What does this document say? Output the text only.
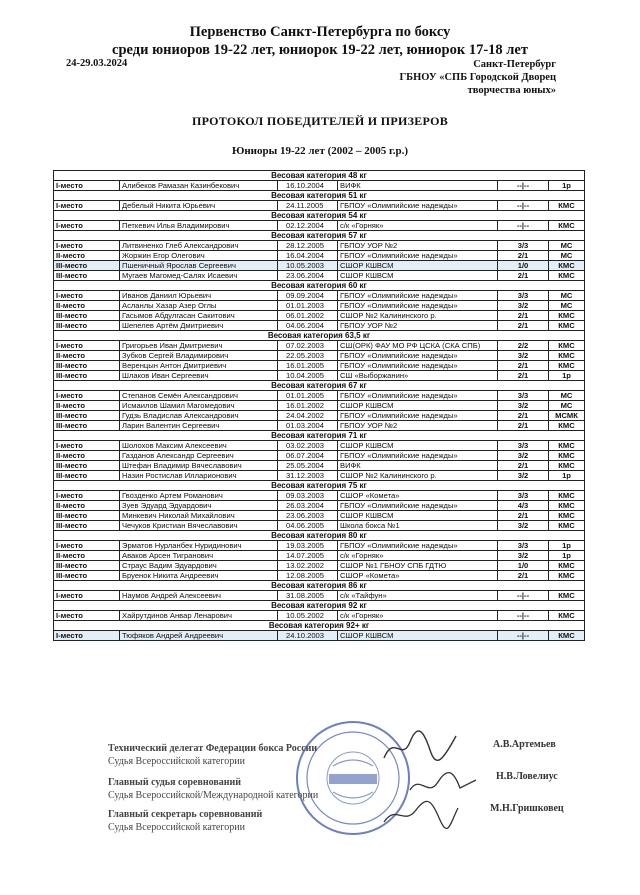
Первенство Санкт-Петербурга по боксу
среди юниоров 19-22 лет, юниорок 19-22 лет, юниорок 17-18 лет
24-29.03.2024	Санкт-Петербург
ГБНОУ «СПБ Городской Дворец
творчества юных»
ПРОТОКОЛ ПОБЕДИТЕЛЕЙ И ПРИЗЕРОВ
Юниоры 19-22 лет (2002 – 2005 г.р.)
Весовая категория 48 кг					
I-место	Алибеков Рамазан Казинбекович	16.10.2004	ВИФК	--|--	1р
Весовая категория 51 кг					
I-место	Дебелый Никита Юрьевич	24.11.2005	ГБПОУ «Олимпийские надежды»	--|--	КМС
Весовая категория 54 кг					
I-место	Петкевич Илья Владимирович	02.12.2004	с/к «Горняк»	--|--	КМС
Весовая категория 57 кг					
I-место	Литвиненко Глеб Александрович	28.12.2005	ГБПОУ УОР №2	3/3	МС
II-место	Жоржин Егор Олегович	16.04.2004	ГБПОУ «Олимпийские надежды»	2/1	МС
III-место	Пшеничный Ярослав Сергеевич	10.05.2003	СШОР КШВСМ	1/0	КМС
III-место	Мугаев Магомед-Салях Исаевич	23.06.2004	СШОР КШВСМ	2/1	КМС
Весовая категория 60 кг					
I-место	Иванов Даниил Юрьевич	09.09.2004	ГБПОУ «Олимпийские надежды»	3/3	МС
II-место	Асланлы Хазар Азер Оглы	01.01.2003	ГБПОУ «Олимпийские надежды»	3/2	МС
III-место	Гасымов Абдулгасан Сакитович	06.01.2002	СШОР №2 Калининского р.	2/1	КМС
III-место	Шепелев Артём Дмитриевич	04.06.2004	ГБПОУ УОР №2	2/1	КМС
Весовая категория 63,5 кг					
I-место	Григорьев Иван Дмитриевич	07.02.2003	СШ(ОРК) ФАУ МО РФ ЦСКА (СКА СПБ)	2/2	КМС
II-место	Зубков Сергей Владимирович	22.05.2003	ГБПОУ «Олимпийские надежды»	3/2	КМС
III-место	Веренцын Антон Дмитриевич	16.01.2005	ГБПОУ «Олимпийские надежды»	2/1	КМС
III-место	Шлаков Иван Сергеевич	10.04.2005	СШ «Выборжанин»	2/1	1р
Весовая категория 67 кг					
I-место	Степанов Семён Александрович	01.01.2005	ГБПОУ «Олимпийские надежды»	3/3	МС
II-место	Исмаилов Шамил Магомедович	16.01.2002	СШОР КШВСМ	3/2	МС
III-место	Гудзь Владислав Александрович	24.04.2002	ГБПОУ «Олимпийские надежды»	2/1	МСМК
III-место	Ларин Валентин Сергеевич	01.03.2004	ГБПОУ УОР №2	2/1	КМС
Весовая категория 71 кг					
I-место	Шолохов Максим Алексеевич	03.02.2003	СШОР КШВСМ	3/3	КМС
II-место	Газданов Александр Сергеевич	06.07.2004	ГБПОУ «Олимпийские надежды»	3/2	КМС
III-место	Штефан Владимир Вячеславович	25.05.2004	ВИФК	2/1	КМС
III-место	Назин Ростислав Илларионович	31.12.2003	СШОР №2 Калининского р.	3/2	1р
Весовая категория 75 кг					
I-место	Гвозденко Артем Романович	09.03.2003	СШОР «Комета»	3/3	КМС
II-место	Зуев Эдуард Эдуардович	26.03.2004	ГБПОУ «Олимпийские надежды»	4/3	КМС
III-место	Минкевич Николай Михайлович	23.06.2003	СШОР КШВСМ	2/1	КМС
III-место	Чечуков Кристиан Вячеславович	04.06.2005	Школа бокса №1	3/2	КМС
Весовая категория 80 кг					
I-место	Эрматов Нурланбек Нуридинович	19.03.2005	ГБПОУ «Олимпийские надежды»	3/3	1р
II-место	Аваков Арсен Тигранович	14.07.2005	с/к «Горняк»	3/2	1р
III-место	Страус Вадим Эдуардович	13.02.2002	СШОР №1 ГБНОУ СПБ ГДТЮ	1/0	КМС
III-место	Бруенок Никита Андреевич	12.08.2005	СШОР «Комета»	2/1	КМС
Весовая категория 86 кг					
I-место	Наумов Андрей Алексеевич	31.08.2005	с/к «Тайфун»	--|--	КМС
Весовая категория 92 кг					
I-место	Хайрутдинов Анвар Ленарович	10.05.2002	с/к «Горняк»	--|--	КМС
Весовая категория 92+ кг					
I-место	Тюфяков Андрей Андреевич	24.10.2003	СШОР КШВСМ	--|--	КМС
Технический делегат Федерации бокса России
Судья Всероссийской категории
А.В.Артемьев
Главный судья соревнований
Судья Всероссийской/Международной категории
Н.В.Ловелиус
Главный секретарь соревнований
Судья Всероссийской категории
М.Н.Гришковец
